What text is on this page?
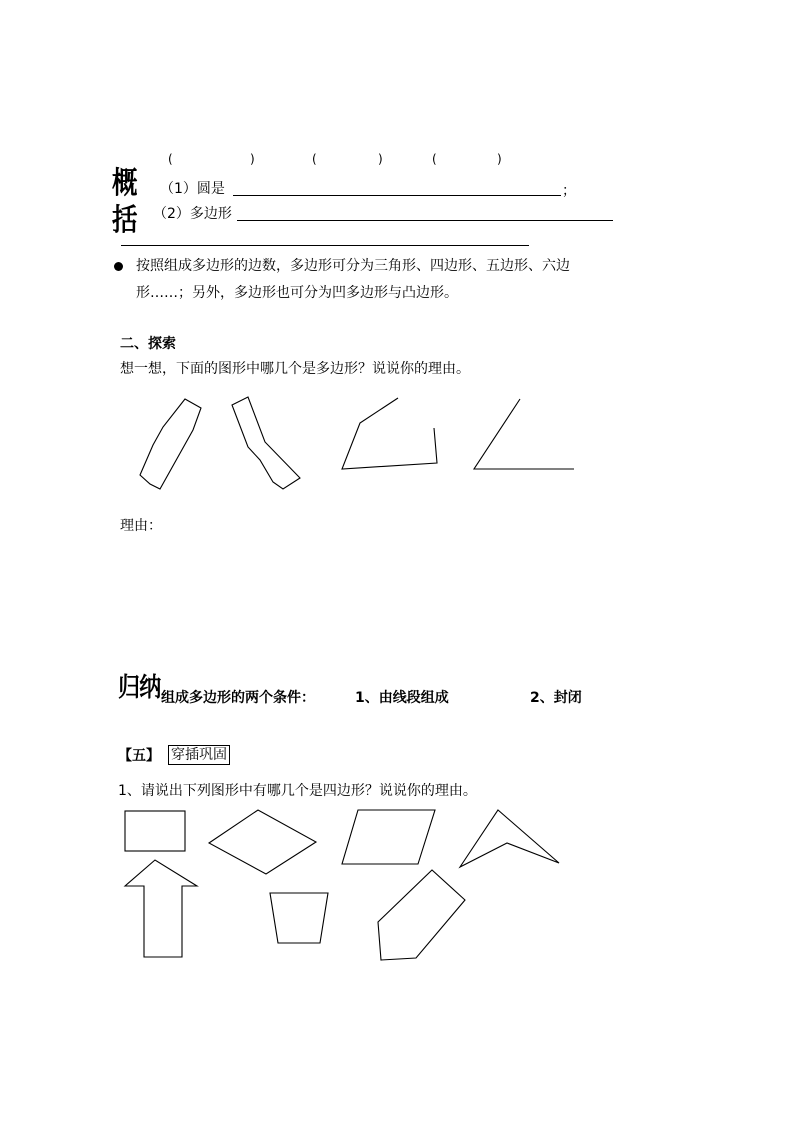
(	)	(	)	(	)
概
括
（1）圆是	；
（2）多边形
按照组成多边形的边数，多边形可分为三角形、四边形、五边形、六边
形……；另外，多边形也可分为凹多边形与凸边形。
二、探索
想一想，下面的图形中哪几个是多边形？说说你的理由。
理由：
归纳 组成多边形的两个条件：	1、由线段组成	2、封闭
【五】 穿插巩固
1、请说出下列图形中有哪几个是四边形？说说你的理由。
